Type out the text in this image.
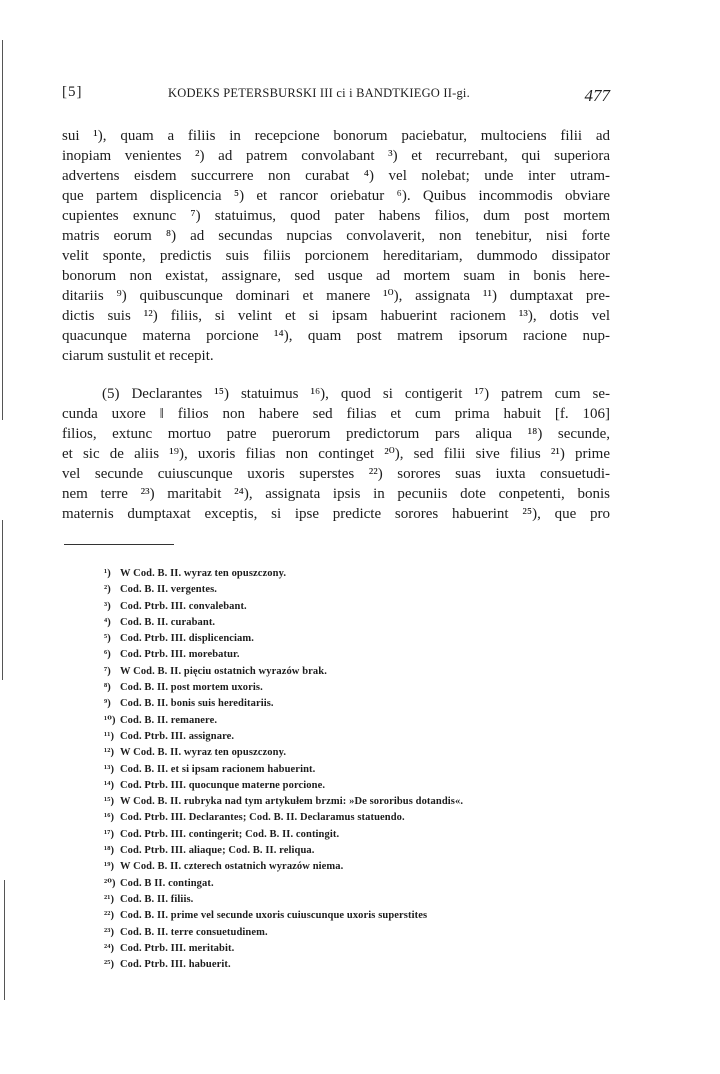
[5]	KODEKS PETERSBURSKI III ci i BANDTKIEGO II-gi.	477
sui ¹), quam a filiis in recepcione bonorum paciebatur, multociens filii ad
inopiam venientes ²) ad patrem convolabant ³) et recurrebant, qui superiora
advertens eisdem succurrere non curabat ⁴) vel nolebat; unde inter utram-
que partem displicencia ⁵) et rancor oriebatur ⁶). Quibus incommodis obviare
cupientes exnunc ⁷) statuimus, quod pater habens filios, dum post mortem
matris eorum ⁸) ad secundas nupcias convolaverit, non tenebitur, nisi forte
velit sponte, predictis suis filiis porcionem hereditariam, dummodo dissipator
bonorum non existat, assignare, sed usque ad mortem suam in bonis here-
ditariis ⁹) quibuscunque dominari et manere ¹⁰), assignata ¹¹) dumptaxat pre-
dictis suis ¹²) filiis, si velint et si ipsam habuerint racionem ¹³), dotis vel
quacunque materna porcione ¹⁴), quam post matrem ipsorum racione nup-
ciarum sustulit et recepit.
(5) Declarantes ¹⁵) statuimus ¹⁶), quod si contigerit ¹⁷) patrem cum se-
cunda uxore ‖ filios non habere sed filias et cum prima habuit [f. 106]
filios, extunc mortuo patre puerorum predictorum pars aliqua ¹⁸) secunde,
et sic de aliis ¹⁹), uxoris filias non continget ²⁰), sed filii sive filius ²¹) prime
vel secunde cuiuscunque uxoris superstes ²²) sorores suas iuxta consuetudi-
nem terre ²³) maritabit ²⁴), assignata ipsis in pecuniis dote conpetenti, bonis
maternis dumptaxat exceptis, si ipse predicte sorores habuerint ²⁵), que pro
¹) W Cod. B. II. wyraz ten opuszczony.
²) Cod. B. II. vergentes.
³) Cod. Ptrb. III. convalebant.
⁴) Cod. B. II. curabant.
⁵) Cod. Ptrb. III. displicenciam.
⁶) Cod. Ptrb. III. morebatur.
⁷) W Cod. B. II. pięciu ostatnich wyrazów brak.
⁸) Cod. B. II. post mortem uxoris.
⁹) Cod. B. II. bonis suis hereditariis.
¹⁰) Cod. B. II. remanere.
¹¹) Cod. Ptrb. III. assignare.
¹²) W Cod. B. II. wyraz ten opuszczony.
¹³) Cod. B. II. et si ipsam racionem habuerint.
¹⁴) Cod. Ptrb. III. quocunque materne porcione.
¹⁵) W Cod. B. II. rubryka nad tym artykułem brzmi: »De sororibus dotandis«.
¹⁶) Cod. Ptrb. III. Declarantes; Cod. B. II. Declaramus statuendo.
¹⁷) Cod. Ptrb. III. contingerit; Cod. B. II. contingit.
¹⁸) Cod. Ptrb. III. aliaque; Cod. B. II. reliqua.
¹⁹) W Cod. B. II. czterech ostatnich wyrazów niema.
²⁰) Cod. B II. contingat.
²¹) Cod. B. II. filiis.
²²) Cod. B. II. prime vel secunde uxoris cuiuscunque uxoris superstites
²³) Cod. B. II. terre consuetudinem.
²⁴) Cod. Ptrb. III. meritabit.
²⁵) Cod. Ptrb. III. habuerit.
